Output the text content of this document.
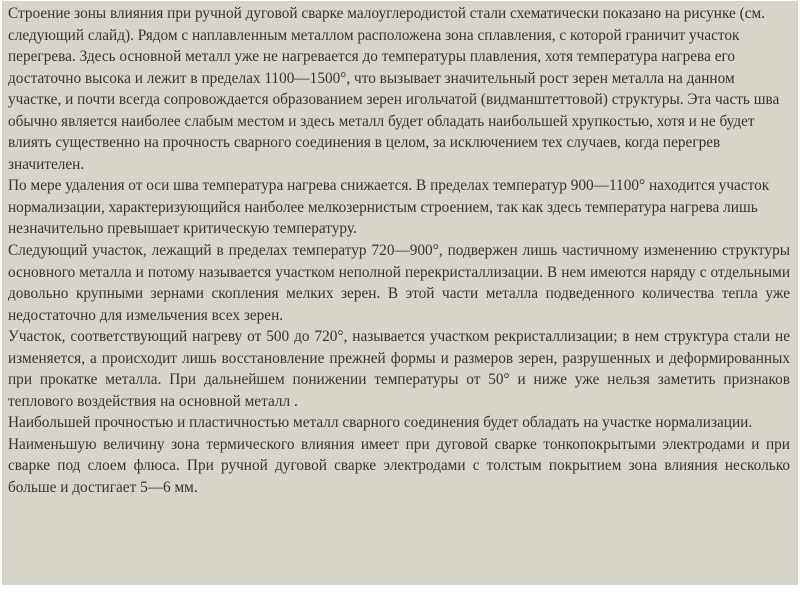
Строение зоны влияния при ручной дуговой сварке малоуглеродистой стали схематически показано на рисунке (см. следующий слайд). Рядом с наплавленным металлом расположена зона сплавления, с которой граничит участок перегрева. Здесь основной металл уже не нагревается до температуры плавления, хотя температура нагрева его достаточно высока и лежит в пределах 1100—1500°, что вызывает значительный рост зерен металла на данном участке, и почти всегда сопровождается образованием зерен игольчатой (видманштеттовой) структуры. Эта часть шва обычно является наиболее слабым местом и здесь металл будет обладать наибольшей хрупкостью, хотя и не будет влиять существенно на прочность сварного соединения в целом, за исключением тех случаев, когда перегрев значителен.

По мере удаления от оси шва температура нагрева снижается. В пределах температур 900—1100° находится участок нормализации, характеризующийся наиболее мелкозернистым строением, так как здесь температура нагрева лишь незначительно превышает критическую температуру.

Следующий участок, лежащий в пределах температур 720—900°, подвержен лишь частичному изменению структуры основного металла и потому называется участком неполной перекристаллизации. В нем имеются наряду с отдельными довольно крупными зернами скопления мелких зерен. В этой части металла подведенного количества тепла уже недостаточно для измельчения всех зерен.

Участок, соответствующий нагреву от 500 до 720°, называется участком рекристаллизации; в нем структура стали не изменяется, а происходит лишь восстановление прежней формы и размеров зерен, разрушенных и деформированных при прокатке металла. При дальнейшем понижении температуры от 50° и ниже уже нельзя заметить признаков теплового воздействия на основной металл .

Наибольшей прочностью и пластичностью металл сварного соединения будет обладать на участке нормализации.

Наименьшую величину зона термического влияния имеет при дуговой сварке тонкопокрытыми электродами и при сварке под слоем флюса. При ручной дуговой сварке электродами с толстым покрытием зона влияния несколько больше и достигает 5—6 мм.
